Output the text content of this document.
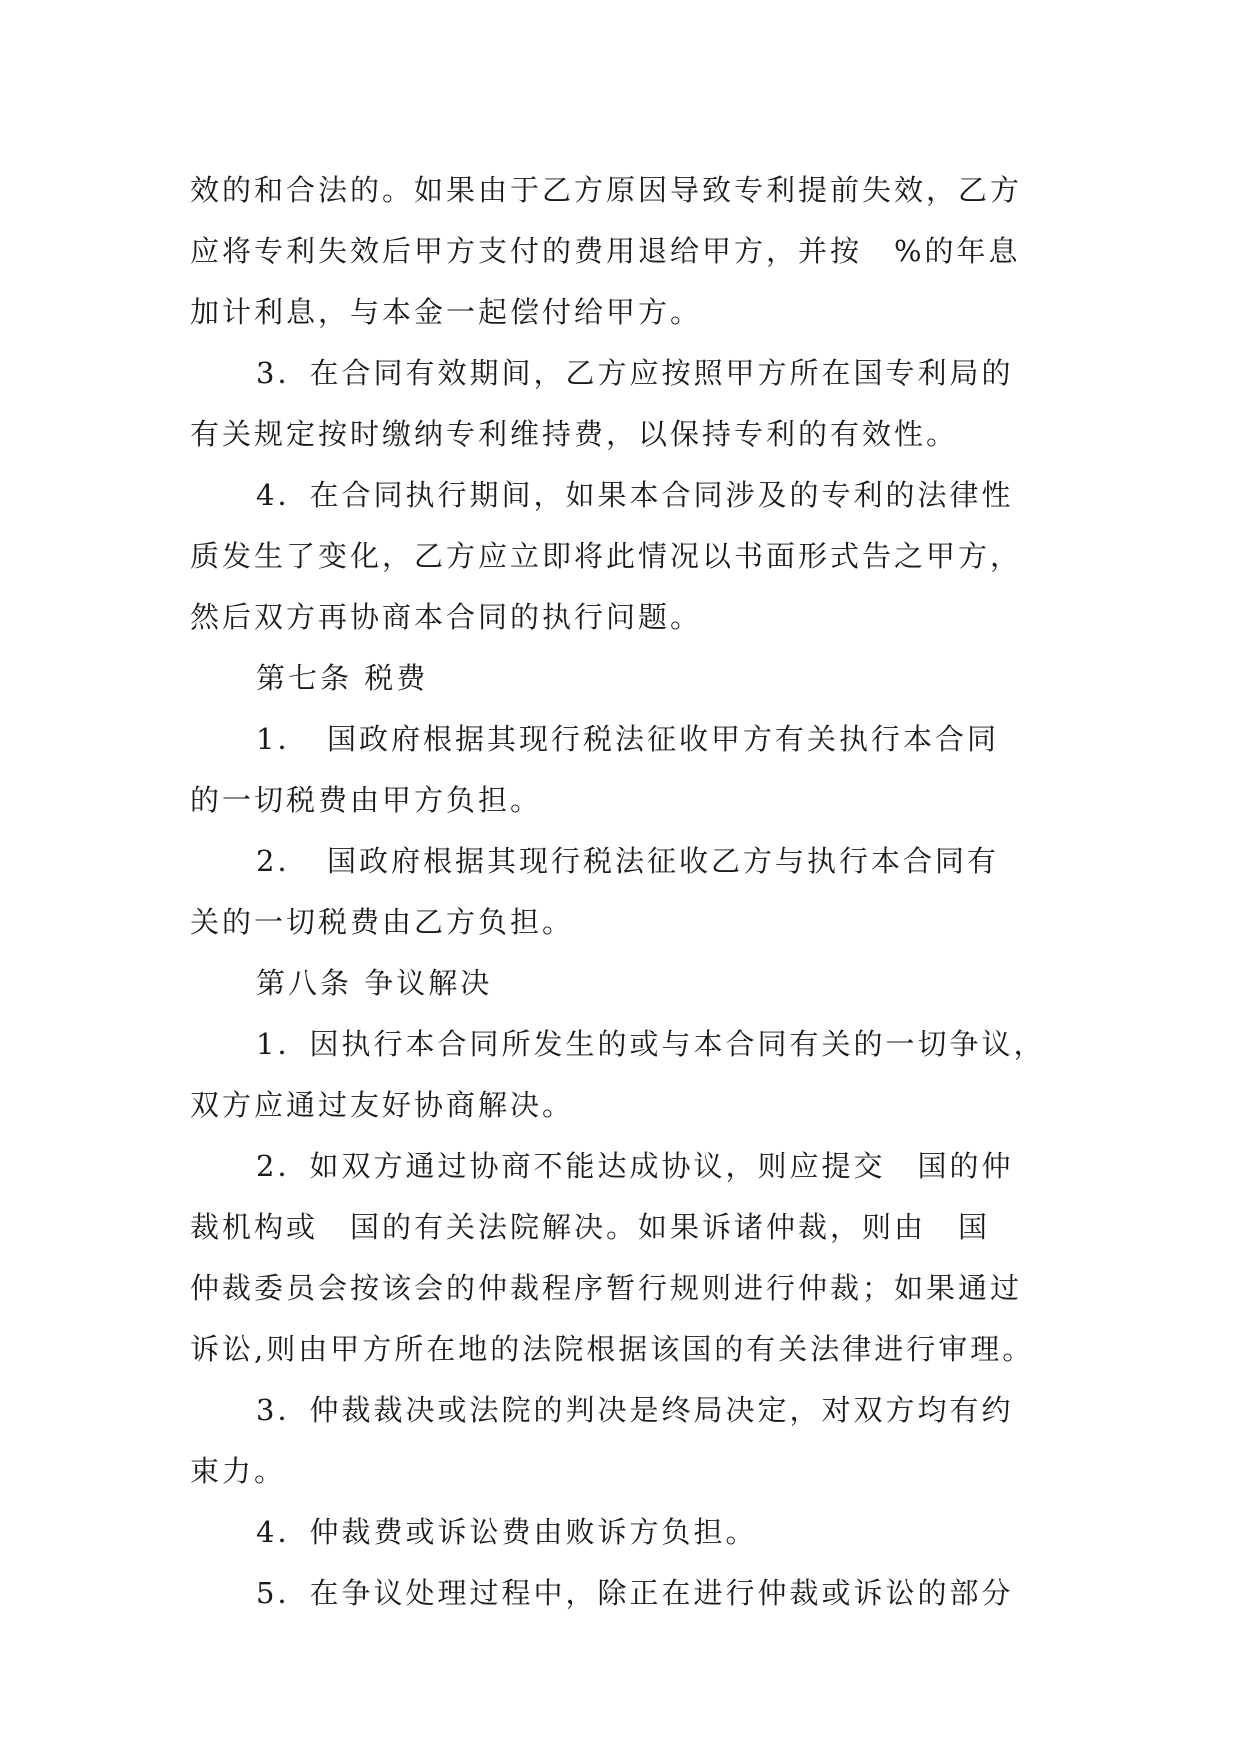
效的和合法的。如果由于乙方原因导致专利提前失效，乙方
应将专利失效后甲方支付的费用退给甲方，并按　%的年息
加计利息，与本金一起偿付给甲方。
3．在合同有效期间，乙方应按照甲方所在国专利局的
有关规定按时缴纳专利维持费，以保持专利的有效性。
4．在合同执行期间，如果本合同涉及的专利的法律性
质发生了变化，乙方应立即将此情况以书面形式告之甲方，
然后双方再协商本合同的执行问题。
第七条 税费
1．　国政府根据其现行税法征收甲方有关执行本合同
的一切税费由甲方负担。
2．　国政府根据其现行税法征收乙方与执行本合同有
关的一切税费由乙方负担。
第八条 争议解决
1．因执行本合同所发生的或与本合同有关的一切争议，
双方应通过友好协商解决。
2．如双方通过协商不能达成协议，则应提交　国的仲
裁机构或　国的有关法院解决。如果诉诸仲裁，则由　国
仲裁委员会按该会的仲裁程序暂行规则进行仲裁；如果通过
诉讼,则由甲方所在地的法院根据该国的有关法律进行审理。
3．仲裁裁决或法院的判决是终局决定，对双方均有约
束力。
4．仲裁费或诉讼费由败诉方负担。
5．在争议处理过程中，除正在进行仲裁或诉讼的部分
